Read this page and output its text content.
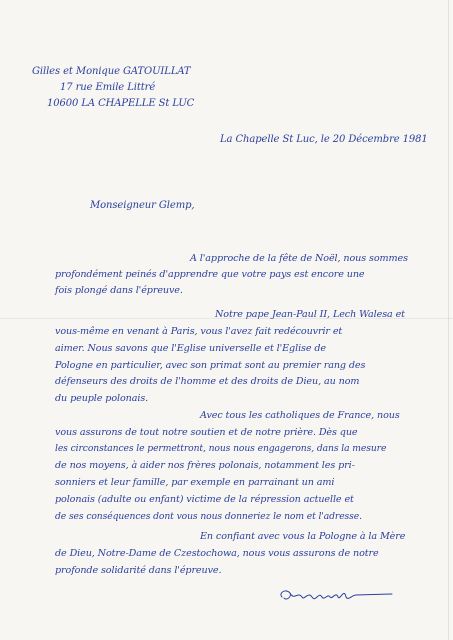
Gilles et Monique GATOUILLAT
17 rue Emile Littré
10600 LA CHAPELLE St LUC
La Chapelle St Luc, le 20 Décembre 1981
Monseigneur Glemp,
A l'approche de la fête de Noël, nous sommes
profondément peinés d'apprendre que votre pays est encore une
fois plongé dans l'épreuve.
Notre pape Jean-Paul II, Lech Walesa et
vous-même en venant à Paris, vous l'avez fait redécouvrir et
aimer. Nous savons que l'Eglise universelle et l'Eglise de
Pologne en particulier, avec son primat sont au premier rang des
défenseurs des droits de l'homme et des droits de Dieu, au nom
du peuple polonais.
Avec tous les catholiques de France, nous
vous assurons de tout notre soutien et de notre prière. Dès que
les circonstances le permettront, nous nous engagerons, dans la mesure
de nos moyens, à aider nos frères polonais, notamment les pri-
sonniers et leur famille, par exemple en parrainant un ami
polonais (adulte ou enfant) victime de la répression actuelle et
de ses conséquences dont vous nous donneriez le nom et l'adresse.
En confiant avec vous la Pologne à la Mère
de Dieu, Notre-Dame de Czestochowa, nous vous assurons de notre
profonde solidarité dans l'épreuve.
